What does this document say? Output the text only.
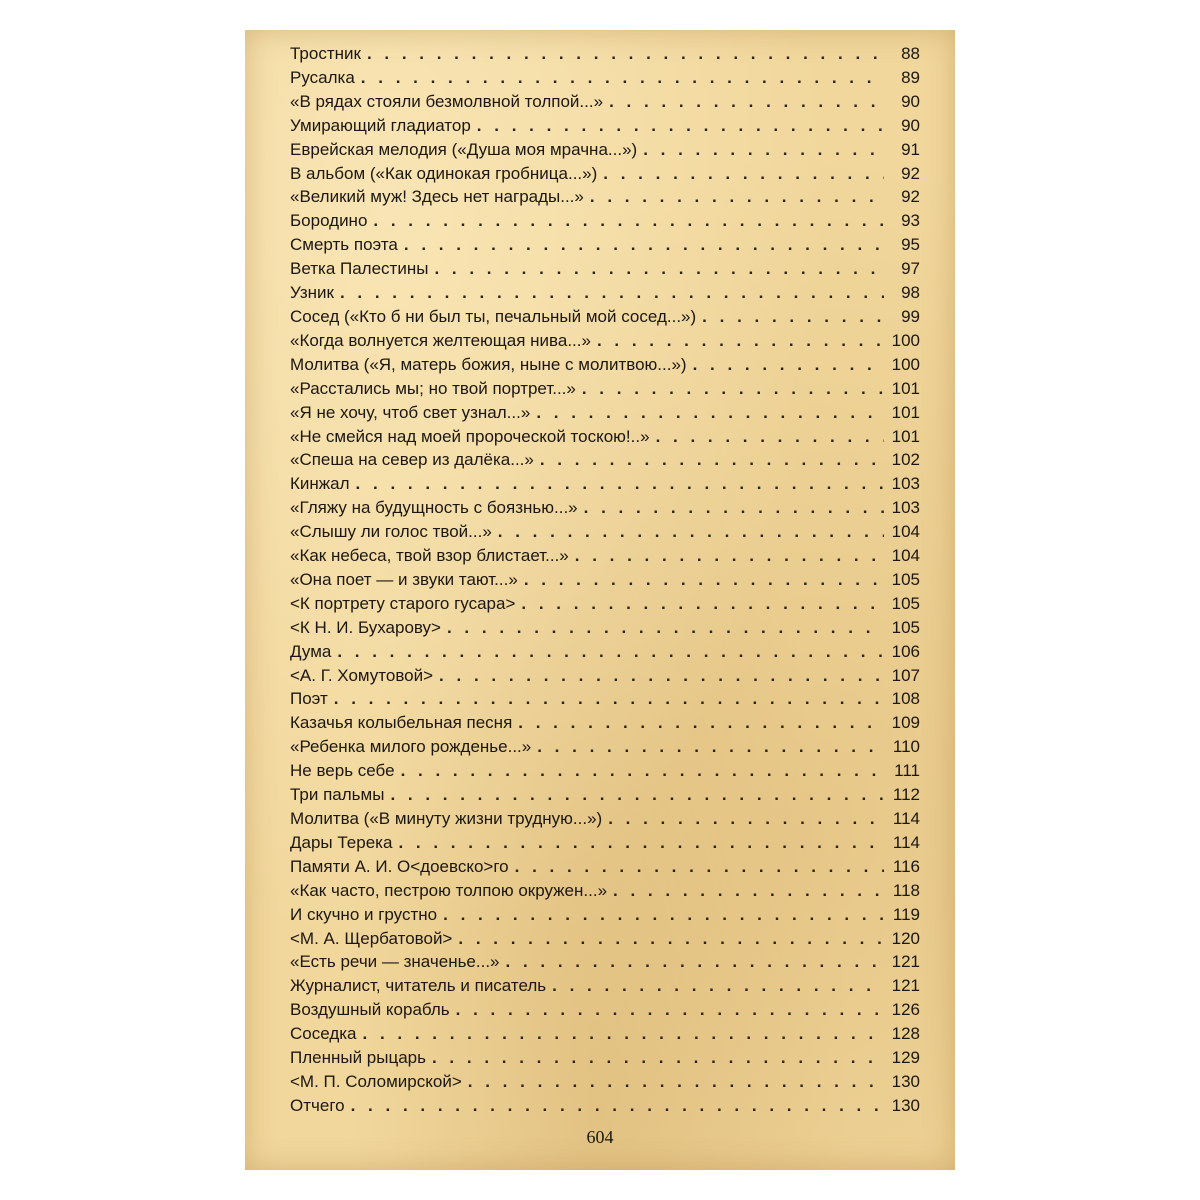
Тростник . . .	88
Русалка . . .	89
«В рядах стояли безмолвной толпой...» . . .	90
Умирающий гладиатор . . .	90
Еврейская мелодия («Душа моя мрачна...») . . .	91
В альбом («Как одинокая гробница...») . . .	92
«Великий муж! Здесь нет награды...» . . .	92
Бородино . . .	93
Смерть поэта . . .	95
Ветка Палестины . . .	97
Узник . . .	98
Сосед («Кто б ни был ты, печальный мой сосед...») . . .	99
«Когда волнуется желтеющая нива...» . . .	100
Молитва («Я, матерь божия, ныне с молитвою...») . . .	100
«Расстались мы; но твой портрет...» . . .	101
«Я не хочу, чтоб свет узнал...» . . .	101
«Не смейся над моей пророческой тоскою!..» . . .	101
«Спеша на север из далёка...» . . .	102
Кинжал . . .	103
«Гляжу на будущность с боязнью...» . . .	103
«Слышу ли голос твой...» . . .	104
«Как небеса, твой взор блистает...» . . .	104
«Она поет — и звуки тают...» . . .	105
<К портрету старого гусара> . . .	105
<К Н. И. Бухарову> . . .	105
Дума . . .	106
<А. Г. Хомутовой> . . .	107
Поэт . . .	108
Казачья колыбельная песня . . .	109
«Ребенка милого рожденье...» . . .	110
Не верь себе . . .	111
Три пальмы . . .	112
Молитва («В минуту жизни трудную...») . . .	114
Дары Терека . . .	114
Памяти А. И. О<доевско>го . . .	116
«Как часто, пестрою толпою окружен...» . . .	118
И скучно и грустно . . .	119
<М. А. Щербатовой> . . .	120
«Есть речи — значенье...» . . .	121
Журналист, читатель и писатель . . .	121
Воздушный корабль . . .	126
Соседка . . .	128
Пленный рыцарь . . .	129
<М. П. Соломирской> . . .	130
Отчего . . .	130
604
